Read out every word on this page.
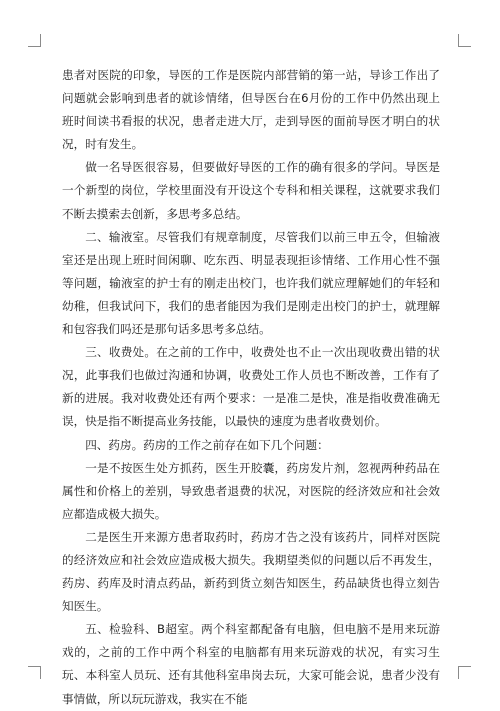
患者对医院的印象，导医的工作是医院内部营销的第一站，导诊工作出了问题就会影响到患者的就诊情绪，但导医台在6月份的工作中仍然出现上班时间读书看报的状况，患者走进大厅，走到导医的面前导医才明白的状况，时有发生。

做一名导医很容易，但要做好导医的工作的确有很多的学问。导医是一个新型的岗位，学校里面没有开设这个专科和相关课程，这就要求我们不断去摸索去创新，多思考多总结。

二、输液室。尽管我们有规章制度，尽管我们以前三申五令，但输液室还是出现上班时间闲聊、吃东西、明显表现拒诊情绪、工作用心性不强等问题，输液室的护士有的刚走出校门，也许我们就应理解她们的年轻和幼稚，但我试问下，我们的患者能因为我们是刚走出校门的护士，就理解和包容我们吗还是那句话多思考多总结。

三、收费处。在之前的工作中，收费处也不止一次出现收费出错的状况，此事我们也做过沟通和协调，收费处工作人员也不断改善，工作有了新的进展。我对收费处还有两个要求：一是准二是快，准是指收费准确无误，快是指不断提高业务技能，以最快的速度为患者收费划价。

四、药房。药房的工作之前存在如下几个问题：

一是不按医生处方抓药，医生开胶囊，药房发片剂，忽视两种药品在属性和价格上的差别，导致患者退费的状况，对医院的经济效应和社会效应都造成极大损失。

二是医生开来源方患者取药时，药房才告之没有该药片，同样对医院的经济效应和社会效应造成极大损失。我期望类似的问题以后不再发生，药房、药库及时清点药品，新药到货立刻告知医生，药品缺货也得立刻告知医生。

五、检验科、B超室。两个科室都配备有电脑，但电脑不是用来玩游戏的，之前的工作中两个科室的电脑都有用来玩游戏的状况，有实习生玩、本科室人员玩、还有其他科室串岗去玩，大家可能会说，患者少没有事情做，所以玩玩游戏，我实在不能
